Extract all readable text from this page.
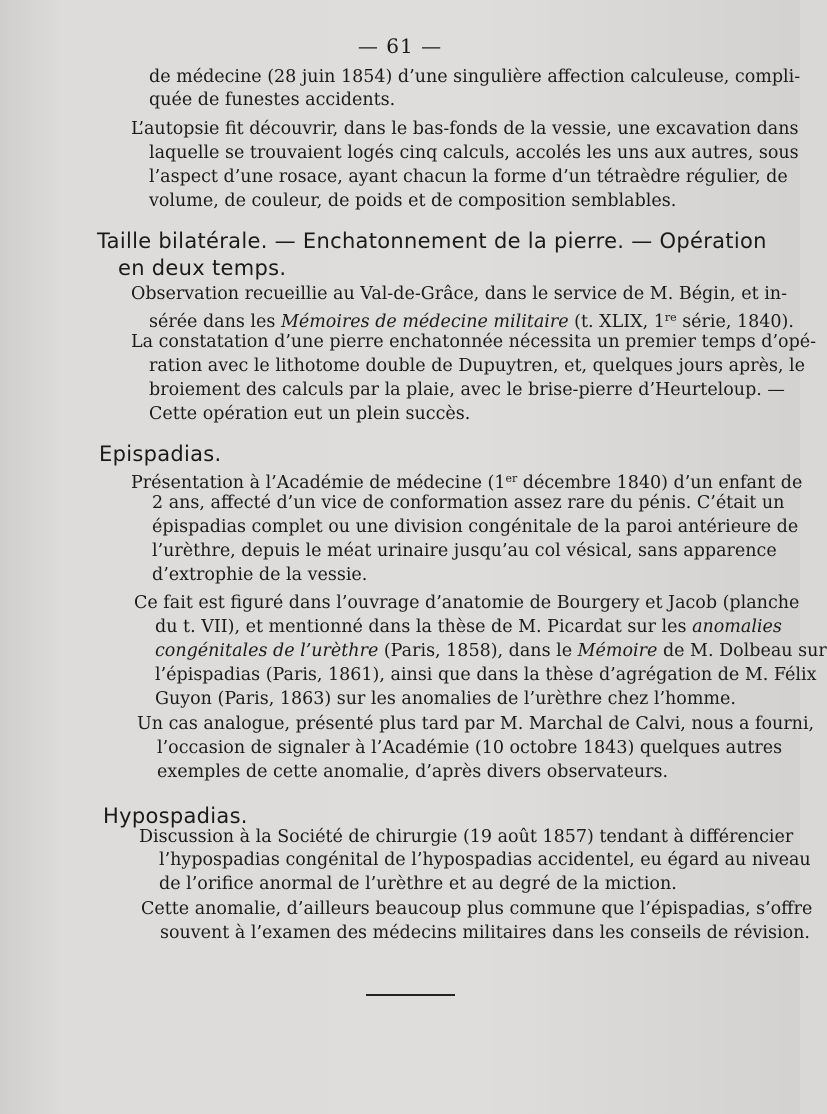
— 61 —
de médecine (28 juin 1854) d’une singulière affection calculeuse, compli-
quée de funestes accidents.
L’autopsie fit découvrir, dans le bas-fonds de la vessie, une excavation dans
laquelle se trouvaient logés cinq calculs, accolés les uns aux autres, sous
l’aspect d’une rosace, ayant chacun la forme d’un tétraèdre régulier, de
volume, de couleur, de poids et de composition semblables.
Taille bilatérale. — Enchatonnement de la pierre. — Opération
en deux temps.
Observation recueillie au Val-de-Grâce, dans le service de M. Bégin, et in-
sérée dans les Mémoires de médecine militaire (t. XLIX, 1re série, 1840).
La constatation d’une pierre enchatonnée nécessita un premier temps d’opé-
ration avec le lithotome double de Dupuytren, et, quelques jours après, le
broiement des calculs par la plaie, avec le brise-pierre d’Heurteloup. —
Cette opération eut un plein succès.
Epispadias.
Présentation à l’Académie de médecine (1er décembre 1840) d’un enfant de
2 ans, affecté d’un vice de conformation assez rare du pénis. C’était un
épispadias complet ou une division congénitale de la paroi antérieure de
l’urèthre, depuis le méat urinaire jusqu’au col vésical, sans apparence
d’extrophie de la vessie.
Ce fait est figuré dans l’ouvrage d’anatomie de Bourgery et Jacob (planche
du t. VII), et mentionné dans la thèse de M. Picardat sur les anomalies
congénitales de l’urèthre (Paris, 1858), dans le Mémoire de M. Dolbeau sur
l’épispadias (Paris, 1861), ainsi que dans la thèse d’agrégation de M. Félix
Guyon (Paris, 1863) sur les anomalies de l’urèthre chez l’homme.
Un cas analogue, présenté plus tard par M. Marchal de Calvi, nous a fourni,
l’occasion de signaler à l’Académie (10 octobre 1843) quelques autres
exemples de cette anomalie, d’après divers observateurs.
Hypospadias.
Discussion à la Société de chirurgie (19 août 1857) tendant à différencier
l’hypospadias congénital de l’hypospadias accidentel, eu égard au niveau
de l’orifice anormal de l’urèthre et au degré de la miction.
Cette anomalie, d’ailleurs beaucoup plus commune que l’épispadias, s’offre
souvent à l’examen des médecins militaires dans les conseils de révision.
